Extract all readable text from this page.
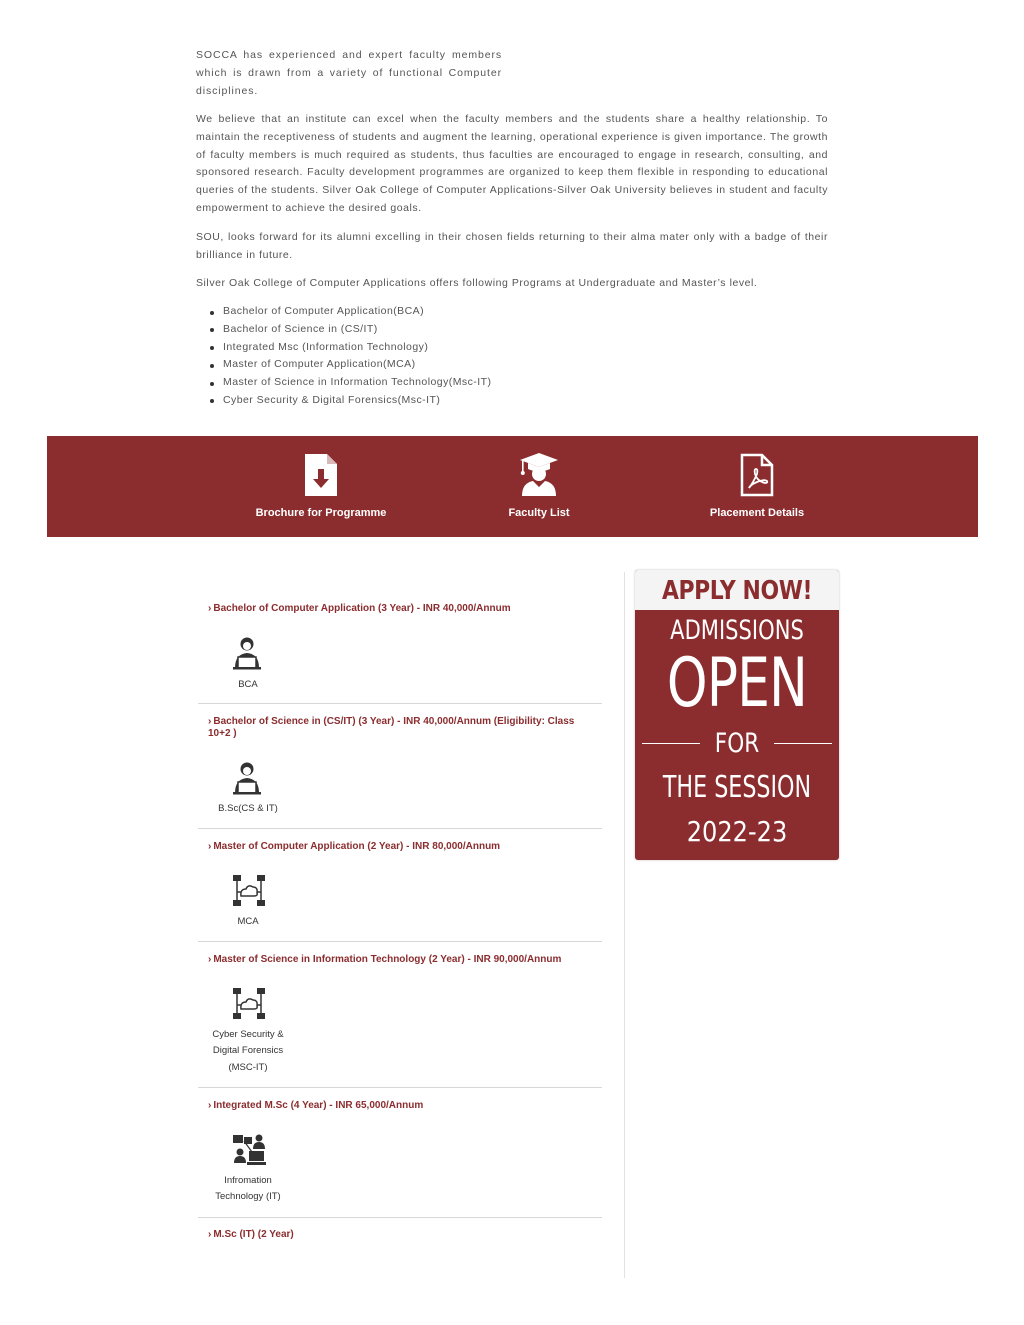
SOCCA has experienced and expert faculty members which is drawn from a variety of functional Computer disciplines.

We believe that an institute can excel when the faculty members and the students share a healthy relationship. To maintain the receptiveness of students and augment the learning, operational experience is given importance. The growth of faculty members is much required as students, thus faculties are encouraged to engage in research, consulting, and sponsored research. Faculty development programmes are organized to keep them flexible in responding to educational queries of the students. Silver Oak College of Computer Applications-Silver Oak University believes in student and faculty empowerment to achieve the desired goals.

SOU, looks forward for its alumni excelling in their chosen fields returning to their alma mater only with a badge of their brilliance in future.

Silver Oak College of Computer Applications offers following Programs at Undergraduate and Master’s level.

Bachelor of Computer Application(BCA)
Bachelor of Science in (CS/IT)
Integrated Msc (Information Technology)
Master of Computer Application(MCA)
Master of Science in Information Technology(Msc-IT)
Cyber Security & Digital Forensics(Msc-IT)
Brochure for Programme	Faculty List	Placement Details
› Bachelor of Computer Application (3 Year) - INR 40,000/Annum
BCA
› Bachelor of Science in (CS/IT) (3 Year) - INR 40,000/Annum (Eligibility: Class 10+2 )
B.Sc(CS & IT)
› Master of Computer Application (2 Year) - INR 80,000/Annum
MCA
› Master of Science in Information Technology (2 Year) - INR 90,000/Annum
Cyber Security &
Digital Forensics
(MSC-IT)
› Integrated M.Sc (4 Year) - INR 65,000/Annum
Infromation
Technology (IT)
› M.Sc (IT) (2 Year)
APPLY NOW!
ADMISSIONS
OPEN
FOR
THE SESSION
2022-23
